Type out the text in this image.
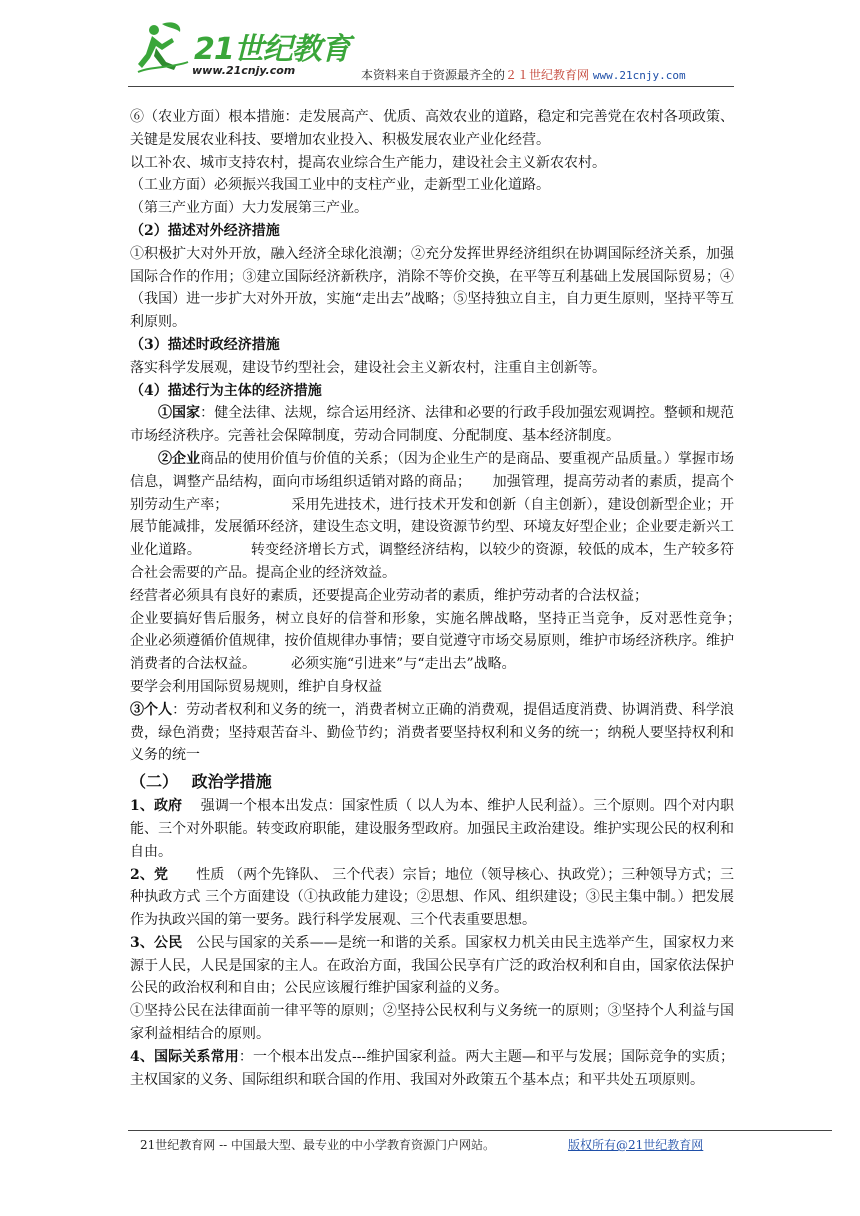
21世纪教育
www.21cnjy.com	本资料来自于资源最齐全的２１世纪教育网 www.21cnjy.com

⑥（农业方面）根本措施：走发展高产、优质、高效农业的道路，稳定和完善党在农村各项政策、关键是发展农业科技、要增加农业投入、积极发展农业产业化经营。

以工补农、城市支持农村，提高农业综合生产能力，建设社会主义新农农村。

（工业方面）必须振兴我国工业中的支柱产业，走新型工业化道路。

（第三产业方面）大力发展第三产业。

（2）描述对外经济措施

①积极扩大对外开放，融入经济全球化浪潮；②充分发挥世界经济组织在协调国际经济关系，加强国际合作的作用；③建立国际经济新秩序，消除不等价交换，在平等互利基础上发展国际贸易；④（我国）进一步扩大对外开放，实施“走出去”战略；⑤坚持独立自主，自力更生原则，坚持平等互利原则。

（3）描述时政经济措施

落实科学发展观，建设节约型社会，建设社会主义新农村，注重自主创新等。

（4）描述行为主体的经济措施

①国家：健全法律、法规，综合运用经济、法律和必要的行政手段加强宏观调控。整顿和规范市场经济秩序。完善社会保障制度，劳动合同制度、分配制度、基本经济制度。

②企业商品的使用价值与价值的关系；（因为企业生产的是商品、要重视产品质量。）掌握市场信息，调整产品结构，面向市场组织适销对路的商品；　　加强管理，提高劳动者的素质，提高个别劳动生产率；　　　　　采用先进技术，进行技术开发和创新（自主创新），建设创新型企业；开展节能减排，发展循环经济，建设生态文明，建设资源节约型、环境友好型企业；企业要走新兴工业化道路。　　　　转变经济增长方式，调整经济结构，以较少的资源，较低的成本，生产较多符合社会需要的产品。提高企业的经济效益。

经营者必须具有良好的素质，还要提高企业劳动者的素质，维护劳动者的合法权益；

企业要搞好售后服务，树立良好的信誉和形象，实施名牌战略，坚持正当竞争，反对恶性竞争；　　　　企业必须遵循价值规律，按价值规律办事情；要自觉遵守市场交易原则，维护市场经济秩序。维护消费者的合法权益。　　　必须实施“引进来”与“走出去”战略。

要学会利用国际贸易规则，维护自身权益

③个人：劳动者权利和义务的统一，消费者树立正确的消费观，提倡适度消费、协调消费、科学浪费，绿色消费；坚持艰苦奋斗、勤俭节约；消费者要坚持权利和义务的统一；纳税人要坚持权利和义务的统一

（二）　 政治学措施

1、政府　 强调一个根本出发点：国家性质（ 以人为本、维护人民利益）。三个原则。四个对内职能、三个对外职能。转变政府职能，建设服务型政府。加强民主政治建设。维护实现公民的权利和自由。

2、党　　性质 （两个先锋队、 三个代表）宗旨；地位（领导核心、执政党）；三种领导方式；三种执政方式 三个方面建设（①执政能力建设；②思想、作风、组织建设；③民主集中制。）把发展作为执政兴国的第一要务。践行科学发展观、三个代表重要思想。

3、公民　公民与国家的关系——是统一和谐的关系。国家权力机关由民主选举产生，国家权力来源于人民，人民是国家的主人。在政治方面，我国公民享有广泛的政治权利和自由，国家依法保护公民的政治权利和自由；公民应该履行维护国家利益的义务。

①坚持公民在法律面前一律平等的原则；②坚持公民权利与义务统一的原则；③坚持个人利益与国家利益相结合的原则。

4、国际关系常用：一个根本出发点---维护国家利益。两大主题—和平与发展；国际竞争的实质；主权国家的义务、国际组织和联合国的作用、我国对外政策五个基本点；和平共处五项原则。

21世纪教育网 -- 中国最大型、最专业的中小学教育资源门户网站。	版权所有@21世纪教育网
